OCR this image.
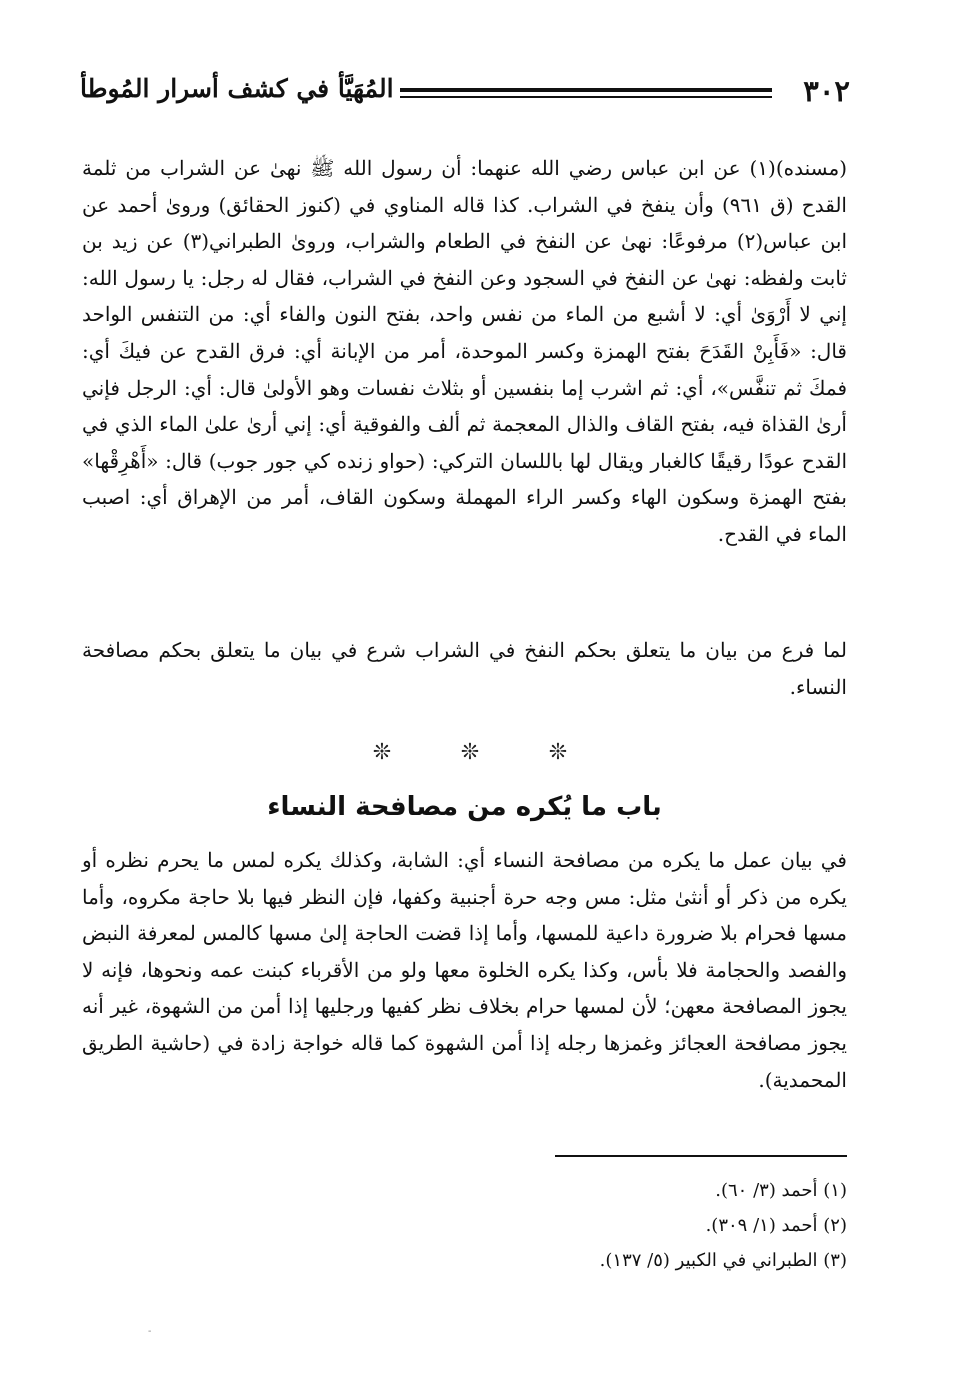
٣٠٢
المُهَيَّأ في كشف أسرار المُوطأ
(مسنده)(١) عن ابن عباس رضي الله عنهما: أن رسول الله ﷺ نهىٰ عن الشراب من ثلمة القدح (ق ٩٦١) وأن ينفخ في الشراب. كذا قاله المناوي في (كنوز الحقائق) وروىٰ أحمد عن ابن عباس(٢) مرفوعًا: نهىٰ عن النفخ في الطعام والشراب، وروىٰ الطبراني(٣) عن زيد بن ثابت ولفظه: نهىٰ عن النفخ في السجود وعن النفخ في الشراب، فقال له رجل: يا رسول الله: إني لا أَرْوَىٰ أي: لا أشبع من الماء من نفس واحد، بفتح النون والفاء أي: من التنفس الواحد قال: «فَأَبِنْ القَدَحَ بفتح الهمزة وكسر الموحدة، أمر من الإبانة أي: فرق القدح عن فيكَ أي: فمكَ ثم تنفَّس»، أي: ثم اشرب إما بنفسين أو بثلاث نفسات وهو الأولىٰ قال: أي: الرجل فإني أرىٰ القذاة فيه، بفتح القاف والذال المعجمة ثم ألف والفوقية أي: إني أرىٰ علىٰ الماء الذي في القدح عودًا رقيقًا كالغبار ويقال لها باللسان التركي: (حواو زنده كي جور جوب) قال: «أَهْرِقْها» بفتح الهمزة وسكون الهاء وكسر الراء المهملة وسكون القاف، أمر من الإهراق أي: اصبب الماء في القدح.
لما فرع من بيان ما يتعلق بحكم النفخ في الشراب شرع في بيان ما يتعلق بحكم مصافحة النساء.
❊	❊	❊
باب ما يُكره من مصافحة النساء
في بيان عمل ما يكره من مصافحة النساء أي: الشابة، وكذلك يكره لمس ما يحرم نظره أو يكره من ذكر أو أنثىٰ مثل: مس وجه حرة أجنبية وكفها، فإن النظر فيها بلا حاجة مكروه، وأما مسها فحرام بلا ضرورة داعية للمسها، وأما إذا قضت الحاجة إلىٰ مسها كالمس لمعرفة النبض والفصد والحجامة فلا بأس، وكذا يكره الخلوة معها ولو من الأقرباء كبنت عمه ونحوها، فإنه لا يجوز المصافحة معهن؛ لأن لمسها حرام بخلاف نظر كفيها ورجليها إذا أمن من الشهوة، غير أنه يجوز مصافحة العجائز وغمزها رجله إذا أمن الشهوة كما قاله خواجة زادة في (حاشية الطريق المحمدية).
(١) أحمد (٣/ ٦٠).
(٢) أحمد (١/ ٣٠٩).
(٣) الطبراني في الكبير (٥/ ١٣٧).
-
